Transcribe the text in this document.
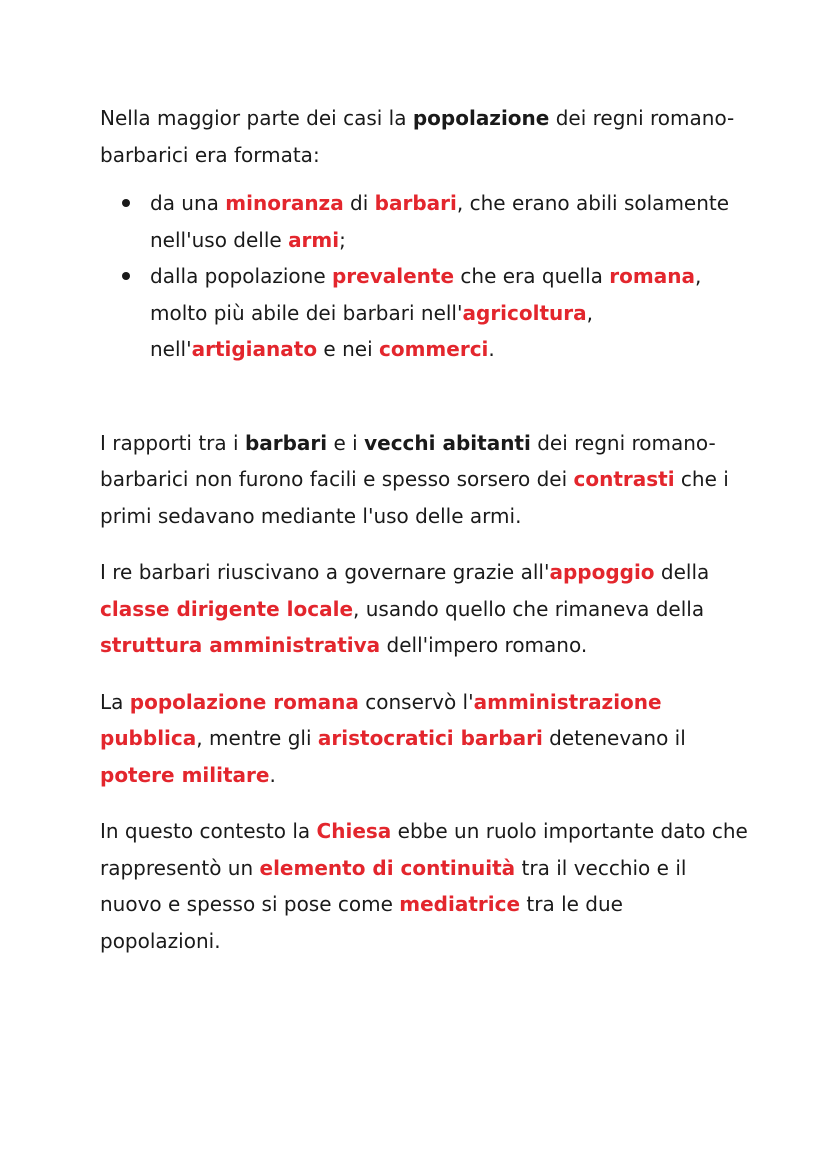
Nella maggior parte dei casi la popolazione dei regni romano-barbarici era formata:

da una minoranza di barbari, che erano abili solamente nell'uso delle armi;
dalla popolazione prevalente che era quella romana, molto più abile dei barbari nell'agricoltura, nell'artigianato e nei commerci.

I rapporti tra i barbari e i vecchi abitanti dei regni romano-barbarici non furono facili e spesso sorsero dei contrasti che i primi sedavano mediante l'uso delle armi.

I re barbari riuscivano a governare grazie all'appoggio della classe dirigente locale, usando quello che rimaneva della struttura amministrativa dell'impero romano.

La popolazione romana conservò l'amministrazione pubblica, mentre gli aristocratici barbari detenevano il potere militare.

In questo contesto la Chiesa ebbe un ruolo importante dato che rappresentò un elemento di continuità tra il vecchio e il nuovo e spesso si pose come mediatrice tra le due popolazioni.
